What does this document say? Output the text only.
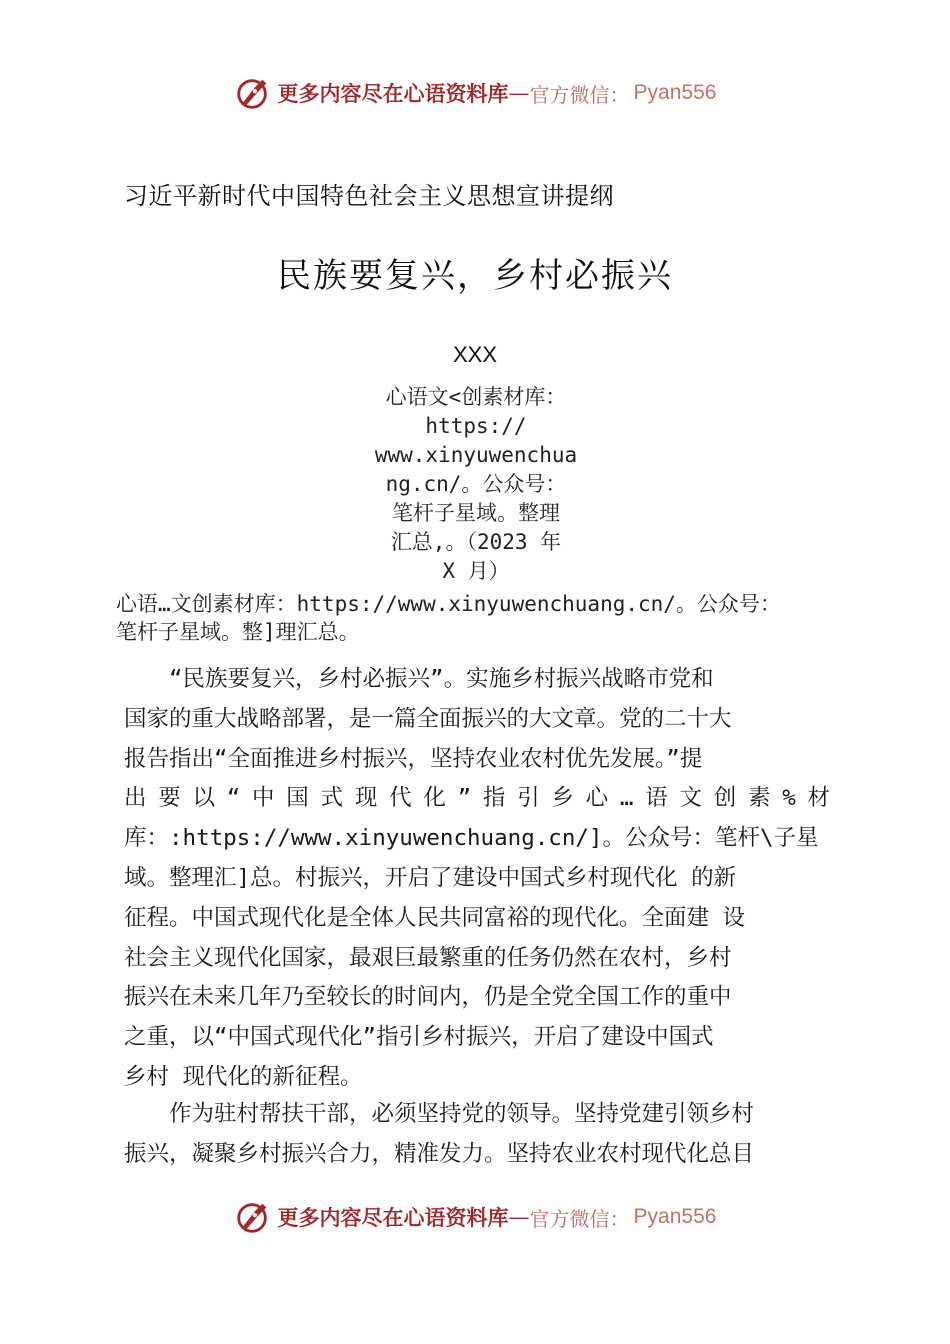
更多内容尽在心语资料库 — 官方微信： Pyan556
习近平新时代中国特色社会主义思想宣讲提纲
民族要复兴，乡村必振兴
XXX
心语文<创素材库：
https://
www.xinyuwenchua
ng.cn/。公众号：
笔杆子星域。整理
汇总,。（2023 年
X 月）
心语…文创素材库：https://www.xinyuwenchuang.cn/。公众号：
笔杆子星域。整]理汇总。
　　“民族要复兴，乡村必振兴”。实施乡村振兴战略市党和
国家的重大战略部署，是一篇全面振兴的大文章。党的二十大
报告指出“全面推进乡村振兴，坚持农业农村优先发展。”提
出要以“中国式现代化”指引乡心…语文创素%材
库：:https://www.xinyuwenchuang.cn/]。公众号：笔杆\子星
域。整理汇]总。村振兴，开启了建设中国式乡村现代化 的新
征程。中国式现代化是全体人民共同富裕的现代化。全面建 设
社会主义现代化国家，最艰巨最繁重的任务仍然在农村，乡村
振兴在未来几年乃至较长的时间内，仍是全党全国工作的重中
之重，以“中国式现代化”指引乡村振兴，开启了建设中国式
乡村 现代化的新征程。
　　作为驻村帮扶干部，必须坚持党的领导。坚持党建引领乡村
振兴，凝聚乡村振兴合力，精准发力。坚持农业农村现代化总目
更多内容尽在心语资料库 — 官方微信： Pyan556
